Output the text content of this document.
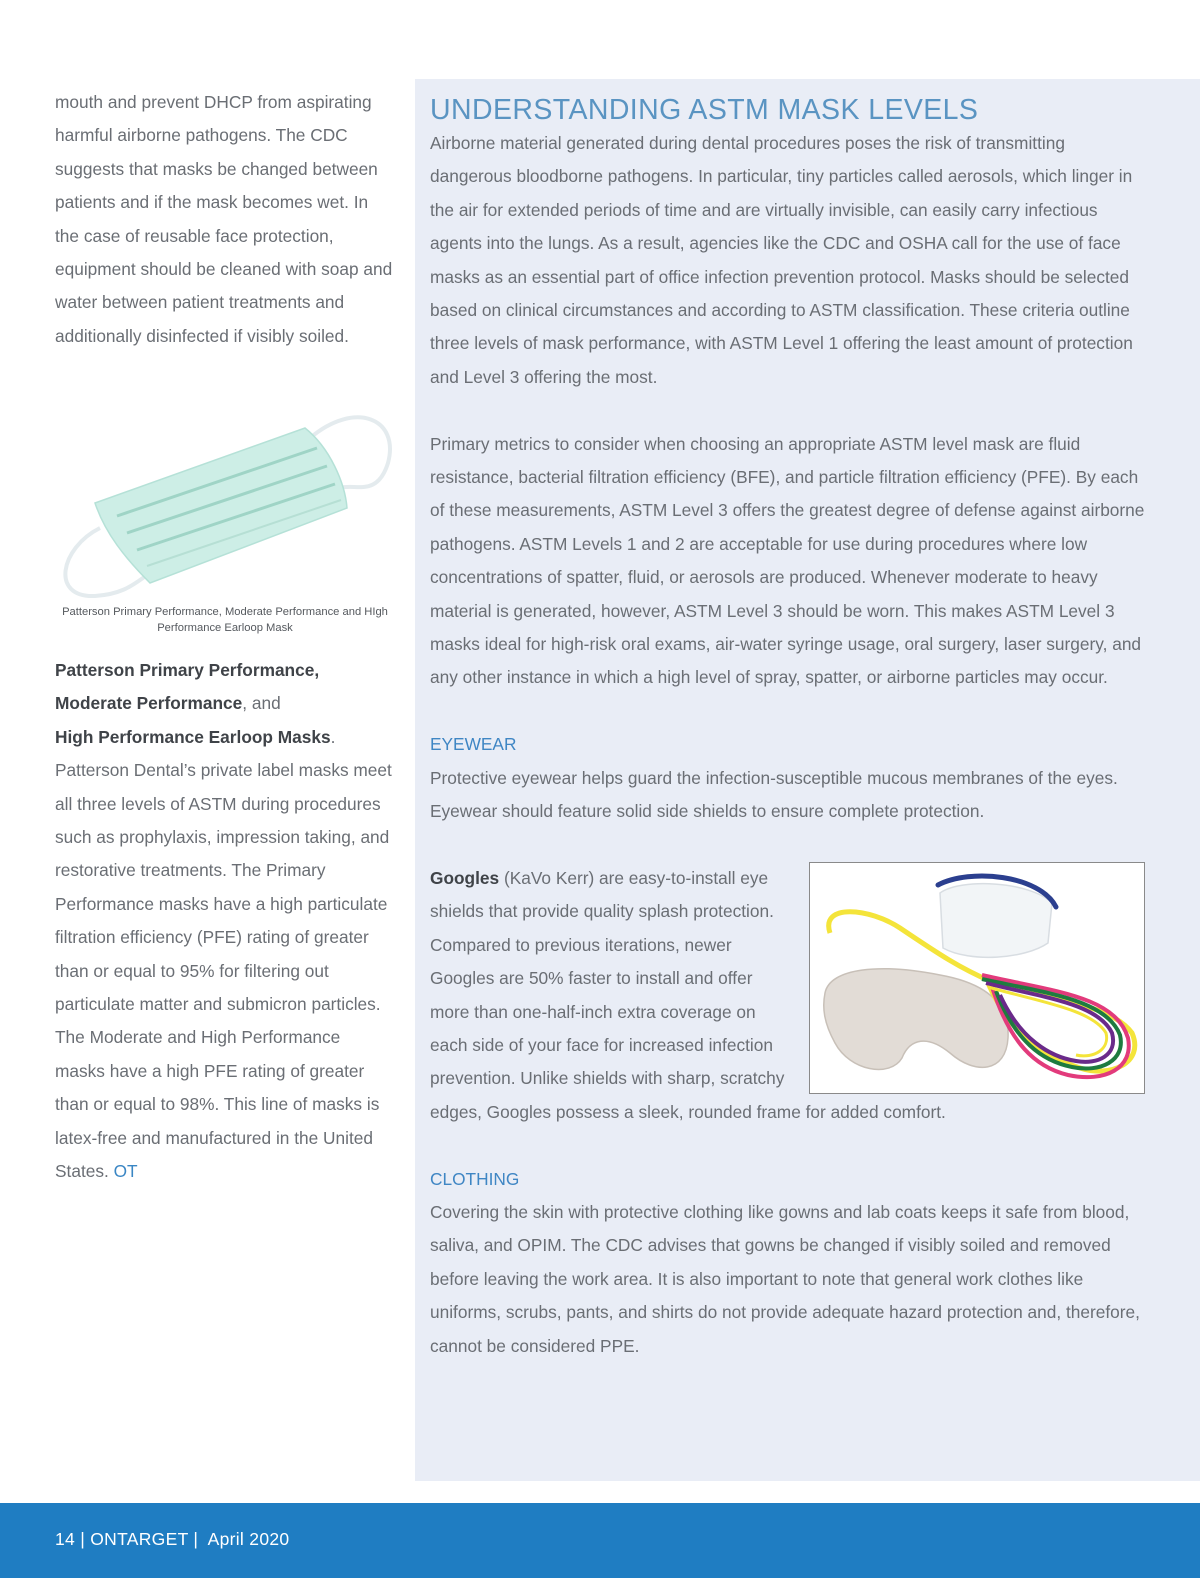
mouth and prevent DHCP from aspirating harmful airborne pathogens. The CDC suggests that masks be changed between patients and if the mask becomes wet. In the case of reusable face protection, equipment should be cleaned with soap and water between patient treatments and additionally disinfected if visibly soiled.

Patterson Primary Performance, Moderate Performance and HIgh Performance Earloop Mask

Patterson Primary Performance, Moderate Performance, and
High Performance Earloop Masks. Patterson Dental’s private label masks meet all three levels of ASTM during procedures such as prophylaxis, impression taking, and restorative treatments. The Primary Performance masks have a high particulate filtration efficiency (PFE) rating of greater than or equal to 95% for filtering out particulate matter and submicron particles. The Moderate and High Performance masks have a high PFE rating of greater than or equal to 98%. This line of masks is latex-free and manufactured in the United States. OT

UNDERSTANDING ASTM MASK LEVELS

Airborne material generated during dental procedures poses the risk of transmitting dangerous bloodborne pathogens. In particular, tiny particles called aerosols, which linger in the air for extended periods of time and are virtually invisible, can easily carry infectious agents into the lungs. As a result, agencies like the CDC and OSHA call for the use of face masks as an essential part of office infection prevention protocol. Masks should be selected based on clinical circumstances and according to ASTM classification. These criteria outline three levels of mask performance, with ASTM Level 1 offering the least amount of protection and Level 3 offering the most.

Primary metrics to consider when choosing an appropriate ASTM level mask are fluid resistance, bacterial filtration efficiency (BFE), and particle filtration efficiency (PFE). By each of these measurements, ASTM Level 3 offers the greatest degree of defense against airborne pathogens. ASTM Levels 1 and 2 are acceptable for use during procedures where low concentrations of spatter, fluid, or aerosols are produced. Whenever moderate to heavy material is generated, however, ASTM Level 3 should be worn. This makes ASTM Level 3 masks ideal for high-risk oral exams, air-water syringe usage, oral surgery, laser surgery, and any other instance in which a high level of spray, spatter, or airborne particles may occur.

EYEWEAR

Protective eyewear helps guard the infection-susceptible mucous membranes of the eyes. Eyewear should feature solid side shields to ensure complete protection.

Googles (KaVo Kerr) are easy-to-install eye shields that provide quality splash protection. Compared to previous iterations, newer Googles are 50% faster to install and offer more than one-half-inch extra coverage on each side of your face for increased infection prevention. Unlike shields with sharp, scratchy edges, Googles possess a sleek, rounded frame for added comfort.

CLOTHING

Covering the skin with protective clothing like gowns and lab coats keeps it safe from blood, saliva, and OPIM. The CDC advises that gowns be changed if visibly soiled and removed before leaving the work area. It is also important to note that general work clothes like uniforms, scrubs, pants, and shirts do not provide adequate hazard protection and, therefore, cannot be considered PPE.

14 | ONTARGET |  April 2020
